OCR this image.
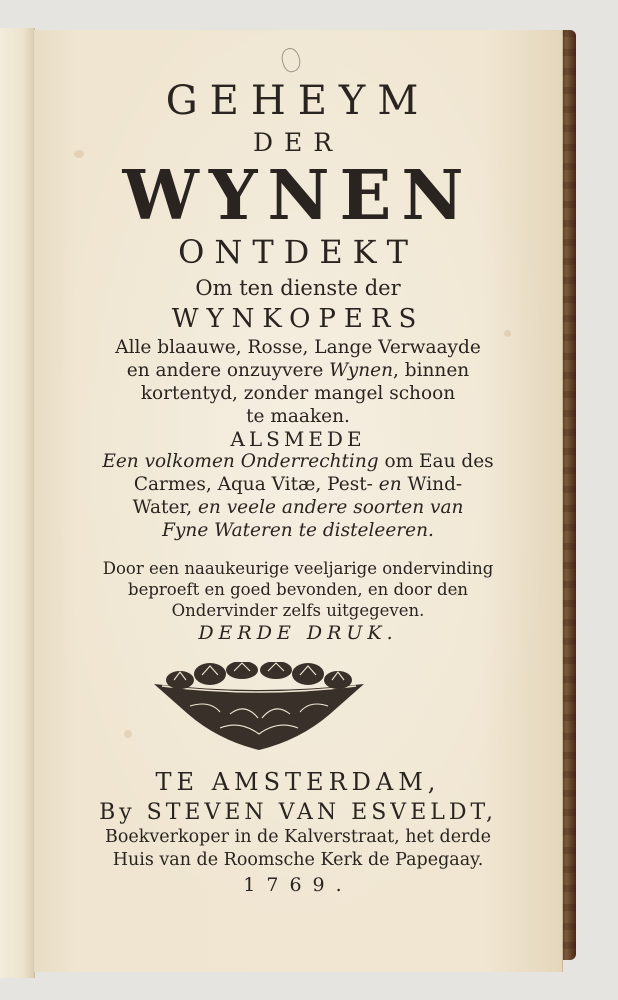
GEHEYM
DER
WYNEN
ONTDEKT
Om ten dienste der
WYNKOPERS
Alle blaauwe, Rosse, Lange Verwaayde
en andere onzuyvere Wynen, binnen
kortentyd, zonder mangel schoon
te maaken.
ALSMEDE
Een volkomen Onderrechting om Eau des
Carmes, Aqua Vitæ, Pest- en Wind-
Water, en veele andere soorten van
Fyne Wateren te disteleeren.
Door een naaukeurige veeljarige ondervinding
beproeft en goed bevonden, en door den
Ondervinder zelfs uitgegeven.
DERDE DRUK.
TE AMSTERDAM,
By STEVEN VAN ESVELDT,
Boekverkoper in de Kalverstraat, het derde
Huis van de Roomsche Kerk de Papegaay.
1769.
